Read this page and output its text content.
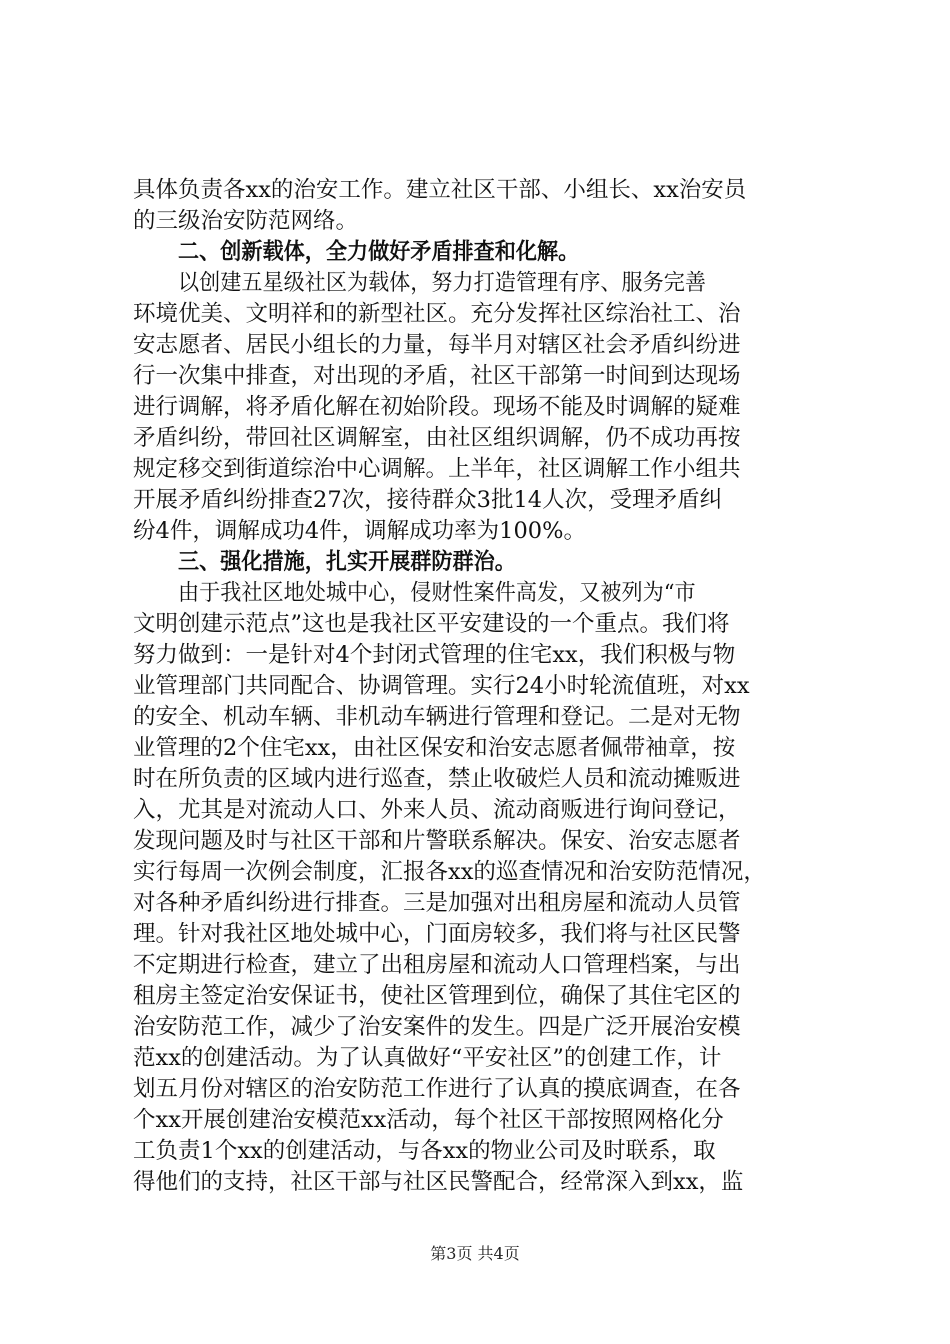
具体负责各xx的治安工作。建立社区干部、小组长、xx治安员
的三级治安防范网络。
二、创新载体，全力做好矛盾排查和化解。
以创建五星级社区为载体，努力打造管理有序、服务完善
环境优美、文明祥和的新型社区。充分发挥社区综治社工、治
安志愿者、居民小组长的力量，每半月对辖区社会矛盾纠纷进
行一次集中排查，对出现的矛盾，社区干部第一时间到达现场
进行调解，将矛盾化解在初始阶段。现场不能及时调解的疑难
矛盾纠纷，带回社区调解室，由社区组织调解，仍不成功再按
规定移交到街道综治中心调解。上半年，社区调解工作小组共
开展矛盾纠纷排查27次，接待群众3批14人次，受理矛盾纠
纷4件，调解成功4件，调解成功率为100%。
三、强化措施，扎实开展群防群治。
由于我社区地处城中心，侵财性案件高发，又被列为“市
文明创建示范点”这也是我社区平安建设的一个重点。我们将
努力做到：一是针对4个封闭式管理的住宅xx，我们积极与物
业管理部门共同配合、协调管理。实行24小时轮流值班，对xx
的安全、机动车辆、非机动车辆进行管理和登记。二是对无物
业管理的2个住宅xx，由社区保安和治安志愿者佩带袖章，按
时在所负责的区域内进行巡查，禁止收破烂人员和流动摊贩进
入，尤其是对流动人口、外来人员、流动商贩进行询问登记，
发现问题及时与社区干部和片警联系解决。保安、治安志愿者
实行每周一次例会制度，汇报各xx的巡查情况和治安防范情况，
对各种矛盾纠纷进行排查。三是加强对出租房屋和流动人员管
理。针对我社区地处城中心，门面房较多，我们将与社区民警
不定期进行检查，建立了出租房屋和流动人口管理档案，与出
租房主签定治安保证书，使社区管理到位，确保了其住宅区的
治安防范工作，减少了治安案件的发生。四是广泛开展治安模
范xx的创建活动。为了认真做好“平安社区”的创建工作，计
划五月份对辖区的治安防范工作进行了认真的摸底调查，在各
个xx开展创建治安模范xx活动，每个社区干部按照网格化分
工负责1个xx的创建活动，与各xx的物业公司及时联系，取
得他们的支持，社区干部与社区民警配合，经常深入到xx，监
第3页 共4页
